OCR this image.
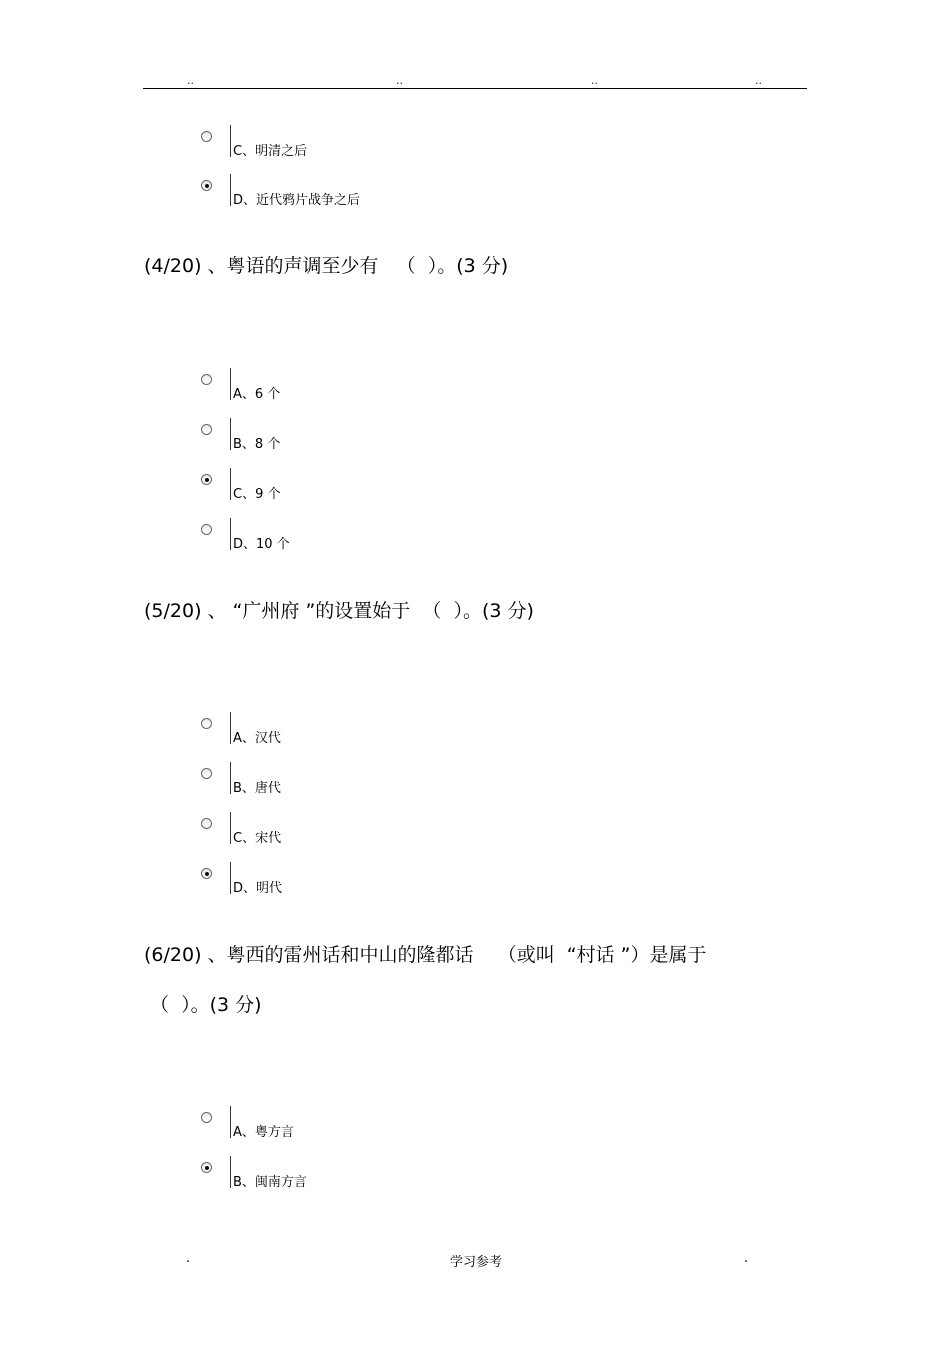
..	..	..	..
C、明清之后
D、近代鸦片战争之后
(4/20) 、粤语的声调至少有   （  ）。(3 分)
A、6 个
B、8 个
C、9 个
D、10 个
(5/20) 、 “广州府 ”的设置始于  （  ）。(3 分)
A、汉代
B、唐代
C、宋代
D、明代
(6/20) 、粤西的雷州话和中山的隆都话    （或叫  “村话 ”）是属于
（  ）。(3 分)
A、粤方言
B、闽南方言
.	学习参考	.
